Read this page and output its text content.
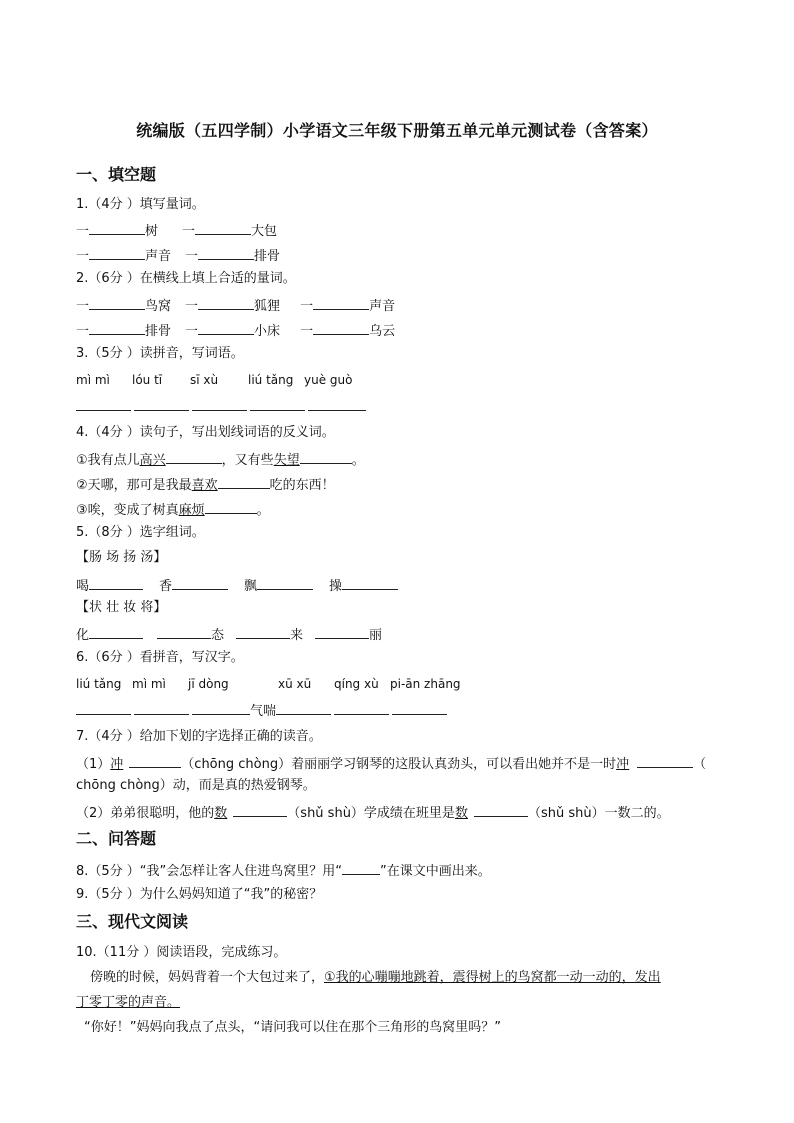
统编版（五四学制）小学语文三年级下册第五单元单元测试卷（含答案）
一、填空题
1.（4分 ）填写量词。
一	树 一	大包
一	声音 一	排骨
2.（6分 ）在横线上填上合适的量词。
一	鸟窝 一	狐狸 一	声音
一	排骨 一	小床 一	乌云
3.（5分 ）读拼音，写词语。
mì mì lóu tī sī xù liú tǎng yuè guò
4.（4分 ）读句子，写出划线词语的反义词。
①我有点儿高兴	，又有些失望	。
②天哪，那可是我最喜欢	吃的东西！
③唉，变成了树真麻烦	。
5.（8分 ）选字组词。
【肠 场 扬 汤】
喝	香	飘	操
【状 壮 妆 将】
化	态	来	丽
6.（6分 ）看拼音，写汉字。
liú tǎng mì mì jī dòng	xū xū qíng xù pi-ān zhāng
气喘
7.（4分 ）给加下划的字选择正确的读音。
（1）冲	（chōng chòng）着丽丽学习钢琴的这股认真劲头，可以看出她并不是一时冲	（
chōng chòng）动，而是真的热爱钢琴。
（2）弟弟很聪明，他的数	（shǔ shù）学成绩在班里是数	（shǔ shù）一数二的。
二、问答题
8.（5分 ）“我”会怎样让客人住进鸟窝里？用“	”在课文中画出来。
9.（5分 ）为什么妈妈知道了“我”的秘密？
三、现代文阅读
10.（11分 ）阅读语段，完成练习。
傍晚的时候，妈妈背着一个大包过来了，①我的心嘣嘣地跳着，震得树上的鸟窝都一动一动的，发出
丁零丁零的声音。
“你好！”妈妈向我点了点头，“请问我可以住在那个三角形的鸟窝里吗？”
